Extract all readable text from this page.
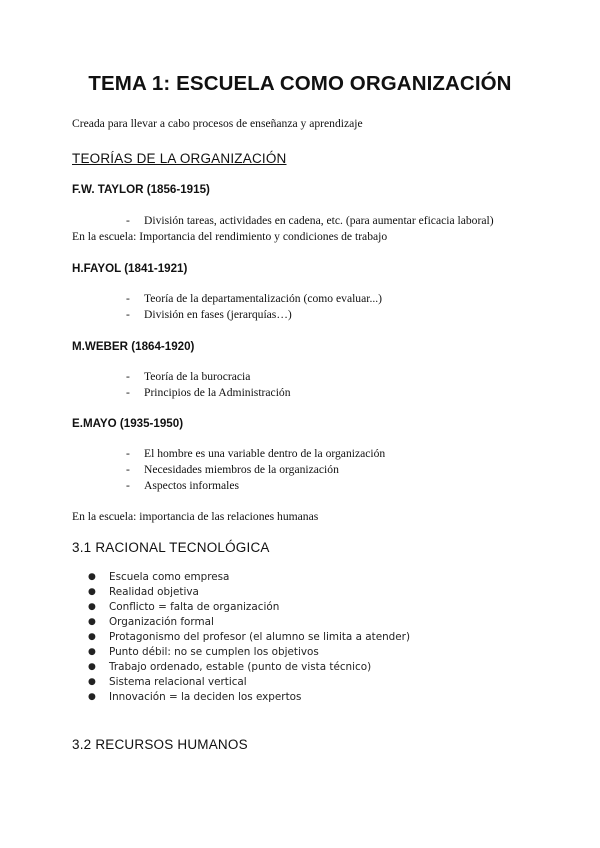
TEMA 1: ESCUELA COMO ORGANIZACIÓN
Creada para llevar a cabo procesos de enseñanza y aprendizaje
TEORÍAS DE LA ORGANIZACIÓN
F.W. TAYLOR (1856-1915)
- División tareas, actividades en cadena, etc. (para aumentar eficacia laboral)
En la escuela: Importancia del rendimiento y condiciones de trabajo
H.FAYOL (1841-1921)
- Teoría de la departamentalización (como evaluar...)
- División en fases (jerarquías…)
M.WEBER (1864-1920)
- Teoría de la burocracia
- Principios de la Administración
E.MAYO (1935-1950)
- El hombre es una variable dentro de la organización
- Necesidades miembros de la organización
- Aspectos informales
En la escuela: importancia de las relaciones humanas
3.1 RACIONAL TECNOLÓGICA
● Escuela como empresa
● Realidad objetiva
● Conflicto = falta de organización
● Organización formal
● Protagonismo del profesor (el alumno se limita a atender)
● Punto débil: no se cumplen los objetivos
● Trabajo ordenado, estable (punto de vista técnico)
● Sistema relacional vertical
● Innovación = la deciden los expertos
3.2 RECURSOS HUMANOS
